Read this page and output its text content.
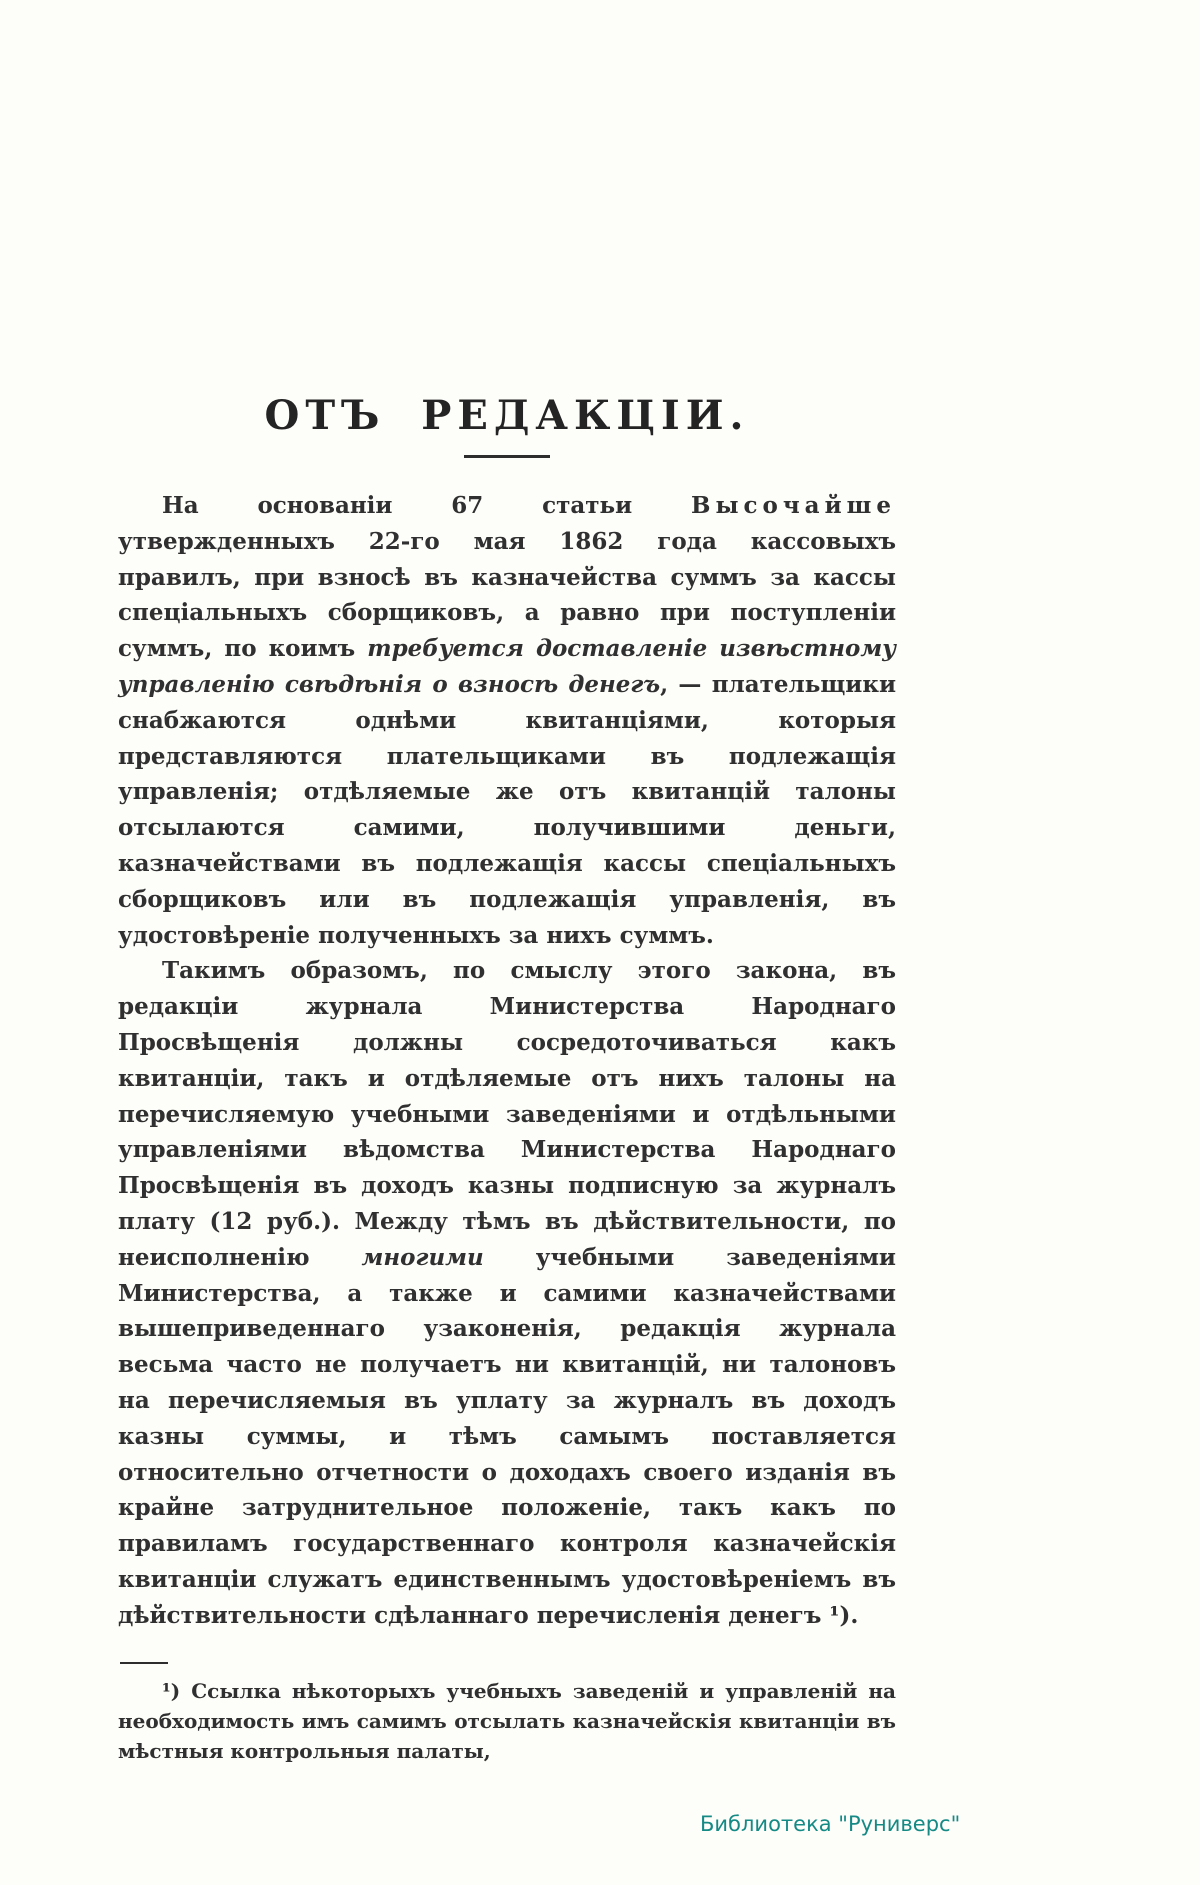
ОТЪ РЕДАКЦІИ.

На основаніи 67 статьи Высочайше утвержденныхъ 22-го мая 1862 года кассовыхъ правилъ, при взносѣ въ казначейства суммъ за кассы спеціальныхъ сборщиковъ, а равно при поступленіи суммъ, по коимъ требуется доставленіе извѣстному управленію свѣдѣнія о взносѣ денегъ, — плательщики снабжаются однѣми квитанціями, которыя представляются плательщиками въ подлежащія управленія; отдѣляемые же отъ квитанцій талоны отсылаются самими, получившими деньги, казначействами въ подлежащія кассы спеціальныхъ сборщиковъ или въ подлежащія управленія, въ удостовѣреніе полученныхъ за нихъ суммъ.

Такимъ образомъ, по смыслу этого закона, въ редакціи журнала Министерства Народнаго Просвѣщенія должны сосредоточиваться какъ квитанціи, такъ и отдѣляемые отъ нихъ талоны на перечисляемую учебными заведеніями и отдѣльными управленіями вѣдомства Министерства Народнаго Просвѣщенія въ доходъ казны подписную за журналъ плату (12 руб.). Между тѣмъ въ дѣйствительности, по неисполненію многими учебными заведеніями Министерства, а также и самими казначействами вышеприведеннаго узаконенія, редакція журнала весьма часто не получаетъ ни квитанцій, ни талоновъ на перечисляемыя въ уплату за журналъ въ доходъ казны суммы, и тѣмъ самымъ поставляется относительно отчетности о доходахъ своего изданія въ крайне затруднительное положеніе, такъ какъ по правиламъ государственнаго контроля казначейскія квитанціи служатъ единственнымъ удостовѣреніемъ въ дѣйствительности сдѣланнаго перечисленія денегъ ¹).

¹) Ссылка нѣкоторыхъ учебныхъ заведеній и управленій на необходимость имъ самимъ отсылать казначейскія квитанціи въ мѣстныя контрольныя палаты,
Библиотека "Руниверс"
